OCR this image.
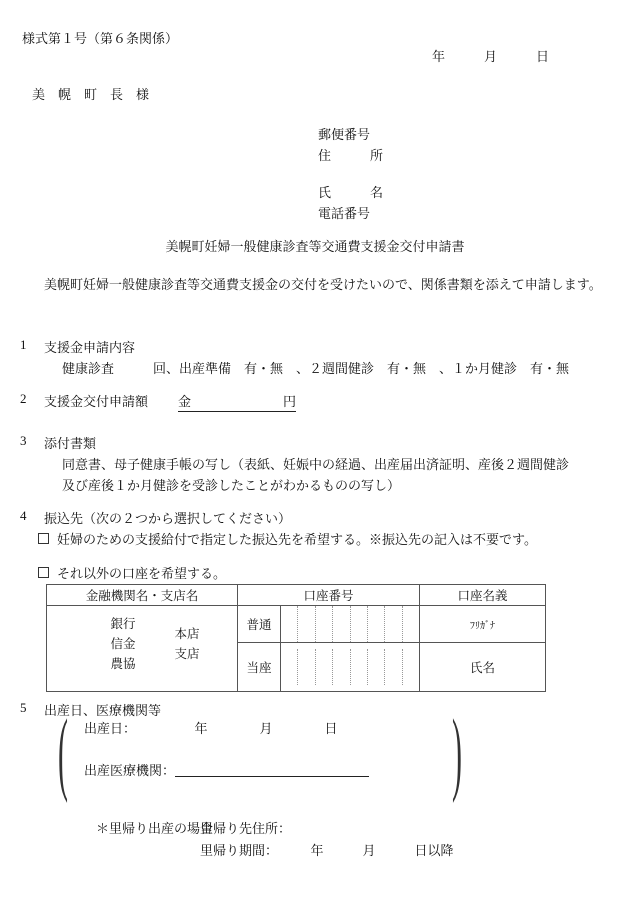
様式第１号（第６条関係）
年　　　月　　　日
美　幌　町　長　様
郵便番号
住　　　所
氏　　　名
電話番号
美幌町妊婦一般健康診査等交通費支援金交付申請書
美幌町妊婦一般健康診査等交通費支援金の交付を受けたいので、関係書類を添えて申請します。
1 支援金申請内容
健康診査　　　回、出産準備　有・無　、２週間健診　有・無　、１か月健診　有・無
2 支援金交付申請額 金	円
3 添付書類
同意書、母子健康手帳の写し（表紙、妊娠中の経過、出産届出済証明、産後２週間健診
及び産後１か月健診を受診したことがわかるものの写し）
4 振込先（次の２つから選択してください）
妊婦のための支援給付で指定した振込先を希望する。※振込先の記入は不要です。
それ以外の口座を希望する。
金融機関名・支店名	口座番号		口座名義

銀行
信金
農協
本店
支店	普通		ﾌﾘｶﾞﾅ
	当座		氏名
5 出産日、医療機関等
(	)
出産日：　　　　　年　　　　月　　　　日
出産医療機関：
＊里帰り出産の場合
里帰り先住所：
里帰り期間：　　　年　　　月　　　日以降
